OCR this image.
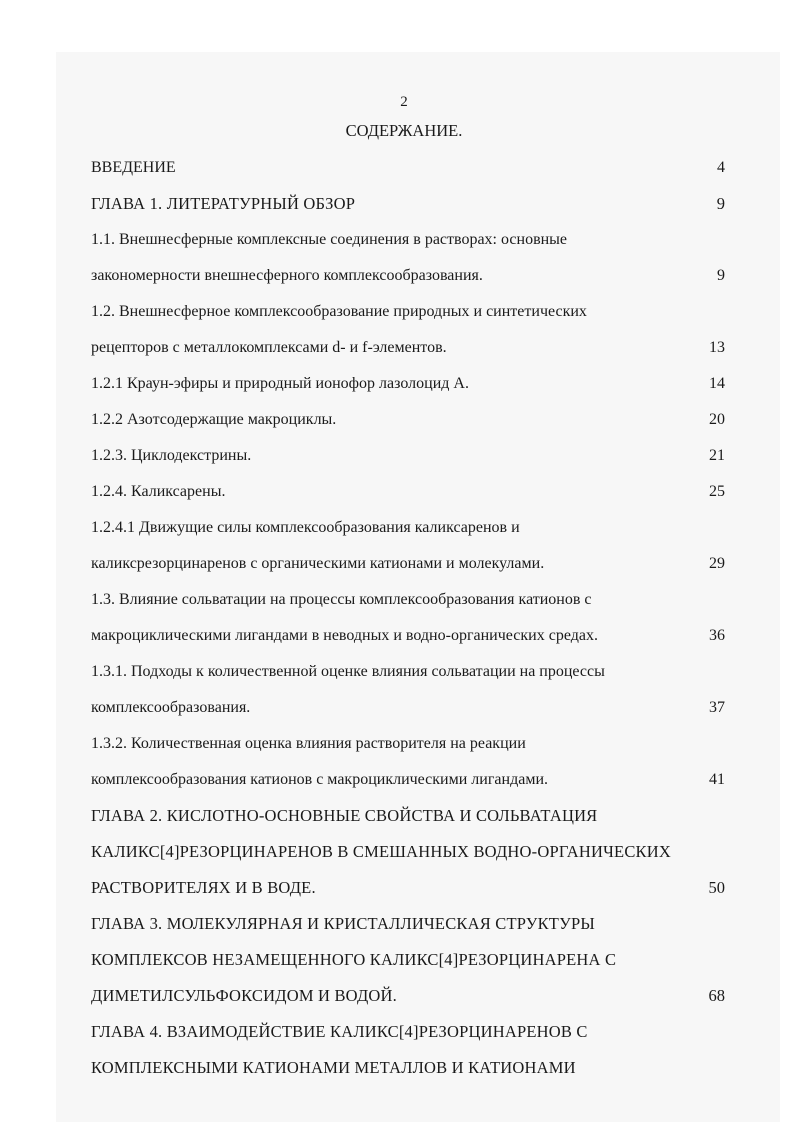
2
СОДЕРЖАНИЕ.
ВВЕДЕНИЕ	4
ГЛАВА 1. ЛИТЕРАТУРНЫЙ ОБЗОР	9
1.1. Внешнесферные комплексные соединения в растворах: основные
закономерности внешнесферного комплексообразования.	9
1.2. Внешнесферное комплексообразование природных и синтетических
рецепторов с металлокомплексами d- и f-элементов.	13
1.2.1 Краун-эфиры и природный ионофор лазолоцид А.	14
1.2.2 Азотсодержащие макроциклы.	20
1.2.3. Циклодекстрины.	21
1.2.4. Каликсарены.	25
1.2.4.1 Движущие силы комплексообразования каликсаренов и
каликсрезорцинаренов с органическими катионами и молекулами.	29
1.3. Влияние сольватации на процессы комплексообразования катионов с
макроциклическими лигандами в неводных и водно-органических средах.	36
1.3.1. Подходы к количественной оценке влияния сольватации на процессы
комплексообразования.	37
1.3.2. Количественная оценка влияния растворителя на реакции
комплексообразования катионов с макроциклическими лигандами.	41
ГЛАВА 2. КИСЛОТНО-ОСНОВНЫЕ СВОЙСТВА И СОЛЬВАТАЦИЯ
КАЛИКС[4]РЕЗОРЦИНАРЕНОВ В СМЕШАННЫХ ВОДНО-ОРГАНИЧЕСКИХ
РАСТВОРИТЕЛЯХ И В ВОДЕ.	50
ГЛАВА 3. МОЛЕКУЛЯРНАЯ И КРИСТАЛЛИЧЕСКАЯ СТРУКТУРЫ
КОМПЛЕКСОВ НЕЗАМЕЩЕННОГО КАЛИКС[4]РЕЗОРЦИНАРЕНА С
ДИМЕТИЛСУЛЬФОКСИДОМ И ВОДОЙ.	68
ГЛАВА 4. ВЗАИМОДЕЙСТВИЕ КАЛИКС[4]РЕЗОРЦИНАРЕНОВ С
КОМПЛЕКСНЫМИ КАТИОНАМИ МЕТАЛЛОВ И КАТИОНАМИ
